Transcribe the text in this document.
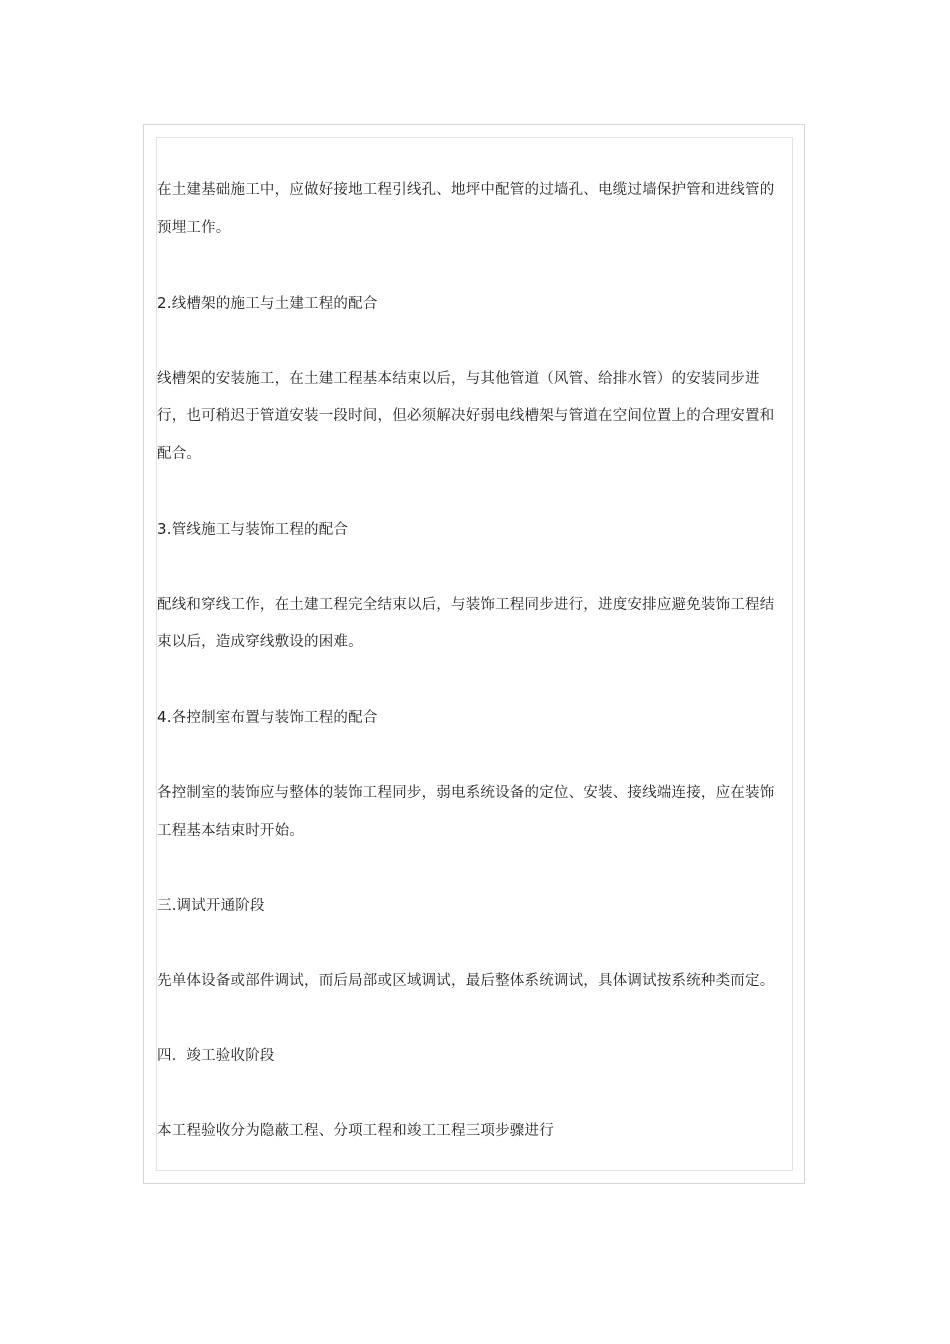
在土建基础施工中，应做好接地工程引线孔、地坪中配管的过墙孔、电缆过墙保护管和进线管的预埋工作。

2.线槽架的施工与土建工程的配合

线槽架的安装施工，在土建工程基本结束以后，与其他管道（风管、给排水管）的安装同步进行，也可稍迟于管道安装一段时间，但必须解决好弱电线槽架与管道在空间位置上的合理安置和配合。

3.管线施工与装饰工程的配合

配线和穿线工作，在土建工程完全结束以后，与装饰工程同步进行，进度安排应避免装饰工程结束以后，造成穿线敷设的困难。

4.各控制室布置与装饰工程的配合

各控制室的装饰应与整体的装饰工程同步，弱电系统设备的定位、安装、接线端连接，应在装饰工程基本结束时开始。

三.调试开通阶段

先单体设备或部件调试，而后局部或区域调试，最后整体系统调试，具体调试按系统种类而定。

四．竣工验收阶段

本工程验收分为隐蔽工程、分项工程和竣工工程三项步骤进行
